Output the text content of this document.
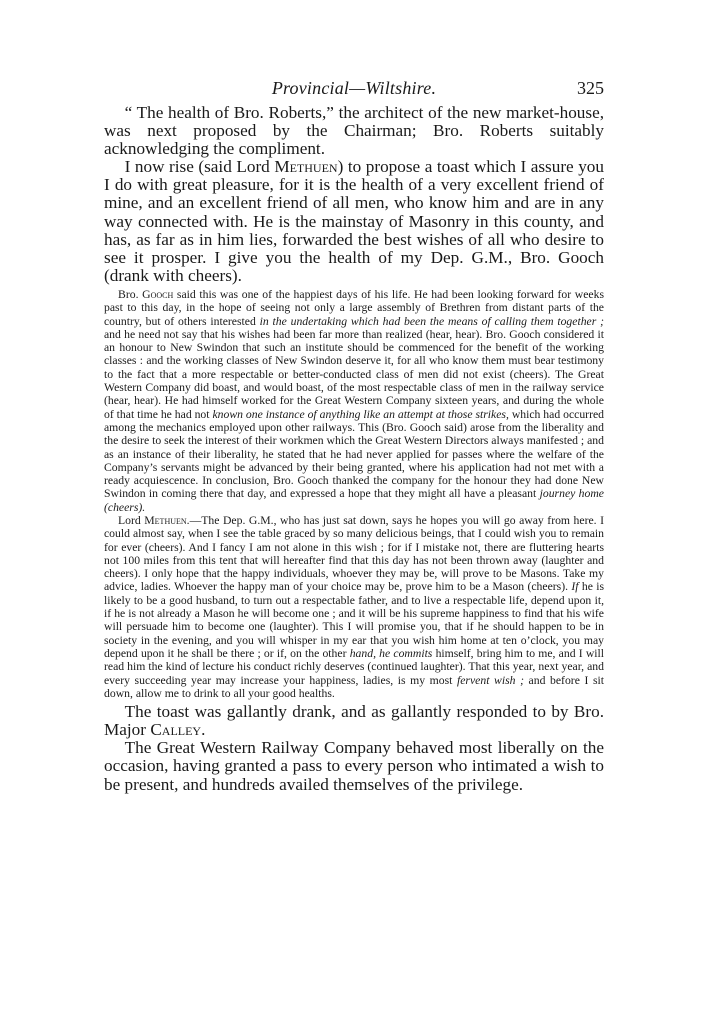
Provincial—Wiltshire.	325

“ The health of Bro. Roberts,” the architect of the new market-house, was next proposed by the Chairman; Bro. Roberts suitably acknowledging the compliment.

I now rise (said Lord Methuen) to propose a toast which I assure you I do with great pleasure, for it is the health of a very excellent friend of mine, and an excellent friend of all men, who know him and are in any way connected with. He is the mainstay of Masonry in this county, and has, as far as in him lies, forwarded the best wishes of all who desire to see it prosper. I give you the health of my Dep. G.M., Bro. Gooch (drank with cheers).

Bro. Gooch said this was one of the happiest days of his life. He had been looking forward for weeks past to this day, in the hope of seeing not only a large assembly of Brethren from distant parts of the country, but of others interested in the undertaking which had been the means of calling them together ; and he need not say that his wishes had been far more than realized (hear, hear). Bro. Gooch considered it an honour to New Swindon that such an institute should be commenced for the benefit of the working classes : and the working classes of New Swindon deserve it, for all who know them must bear testimony to the fact that a more respectable or better-conducted class of men did not exist (cheers). The Great Western Company did boast, and would boast, of the most respectable class of men in the railway service (hear, hear). He had himself worked for the Great Western Company sixteen years, and during the whole of that time he had not known one instance of anything like an attempt at those strikes, which had occurred among the mechanics employed upon other railways. This (Bro. Gooch said) arose from the liberality and the desire to seek the interest of their workmen which the Great Western Directors always manifested ; and as an instance of their liberality, he stated that he had never applied for passes where the welfare of the Company’s servants might be advanced by their being granted, where his application had not met with a ready acquiescence. In conclusion, Bro. Gooch thanked the company for the honour they had done New Swindon in coming there that day, and expressed a hope that they might all have a pleasant journey home (cheers).

Lord Methuen.—The Dep. G.M., who has just sat down, says he hopes you will go away from here. I could almost say, when I see the table graced by so many delicious beings, that I could wish you to remain for ever (cheers). And I fancy I am not alone in this wish ; for if I mistake not, there are fluttering hearts not 100 miles from this tent that will hereafter find that this day has not been thrown away (laughter and cheers). I only hope that the happy individuals, whoever they may be, will prove to be Masons. Take my advice, ladies. Whoever the happy man of your choice may be, prove him to be a Mason (cheers). If he is likely to be a good husband, to turn out a respectable father, and to live a respectable life, depend upon it, if he is not already a Mason he will become one ; and it will be his supreme happiness to find that his wife will persuade him to become one (laughter). This I will promise you, that if he should happen to be in society in the evening, and you will whisper in my ear that you wish him home at ten o’clock, you may depend upon it he shall be there ; or if, on the other hand, he commits himself, bring him to me, and I will read him the kind of lecture his conduct richly deserves (continued laughter). That this year, next year, and every succeeding year may increase your happiness, ladies, is my most fervent wish ; and before I sit down, allow me to drink to all your good healths.

The toast was gallantly drank, and as gallantly responded to by Bro. Major Calley.

The Great Western Railway Company behaved most liberally on the occasion, having granted a pass to every person who intimated a wish to be present, and hundreds availed themselves of the privilege.
